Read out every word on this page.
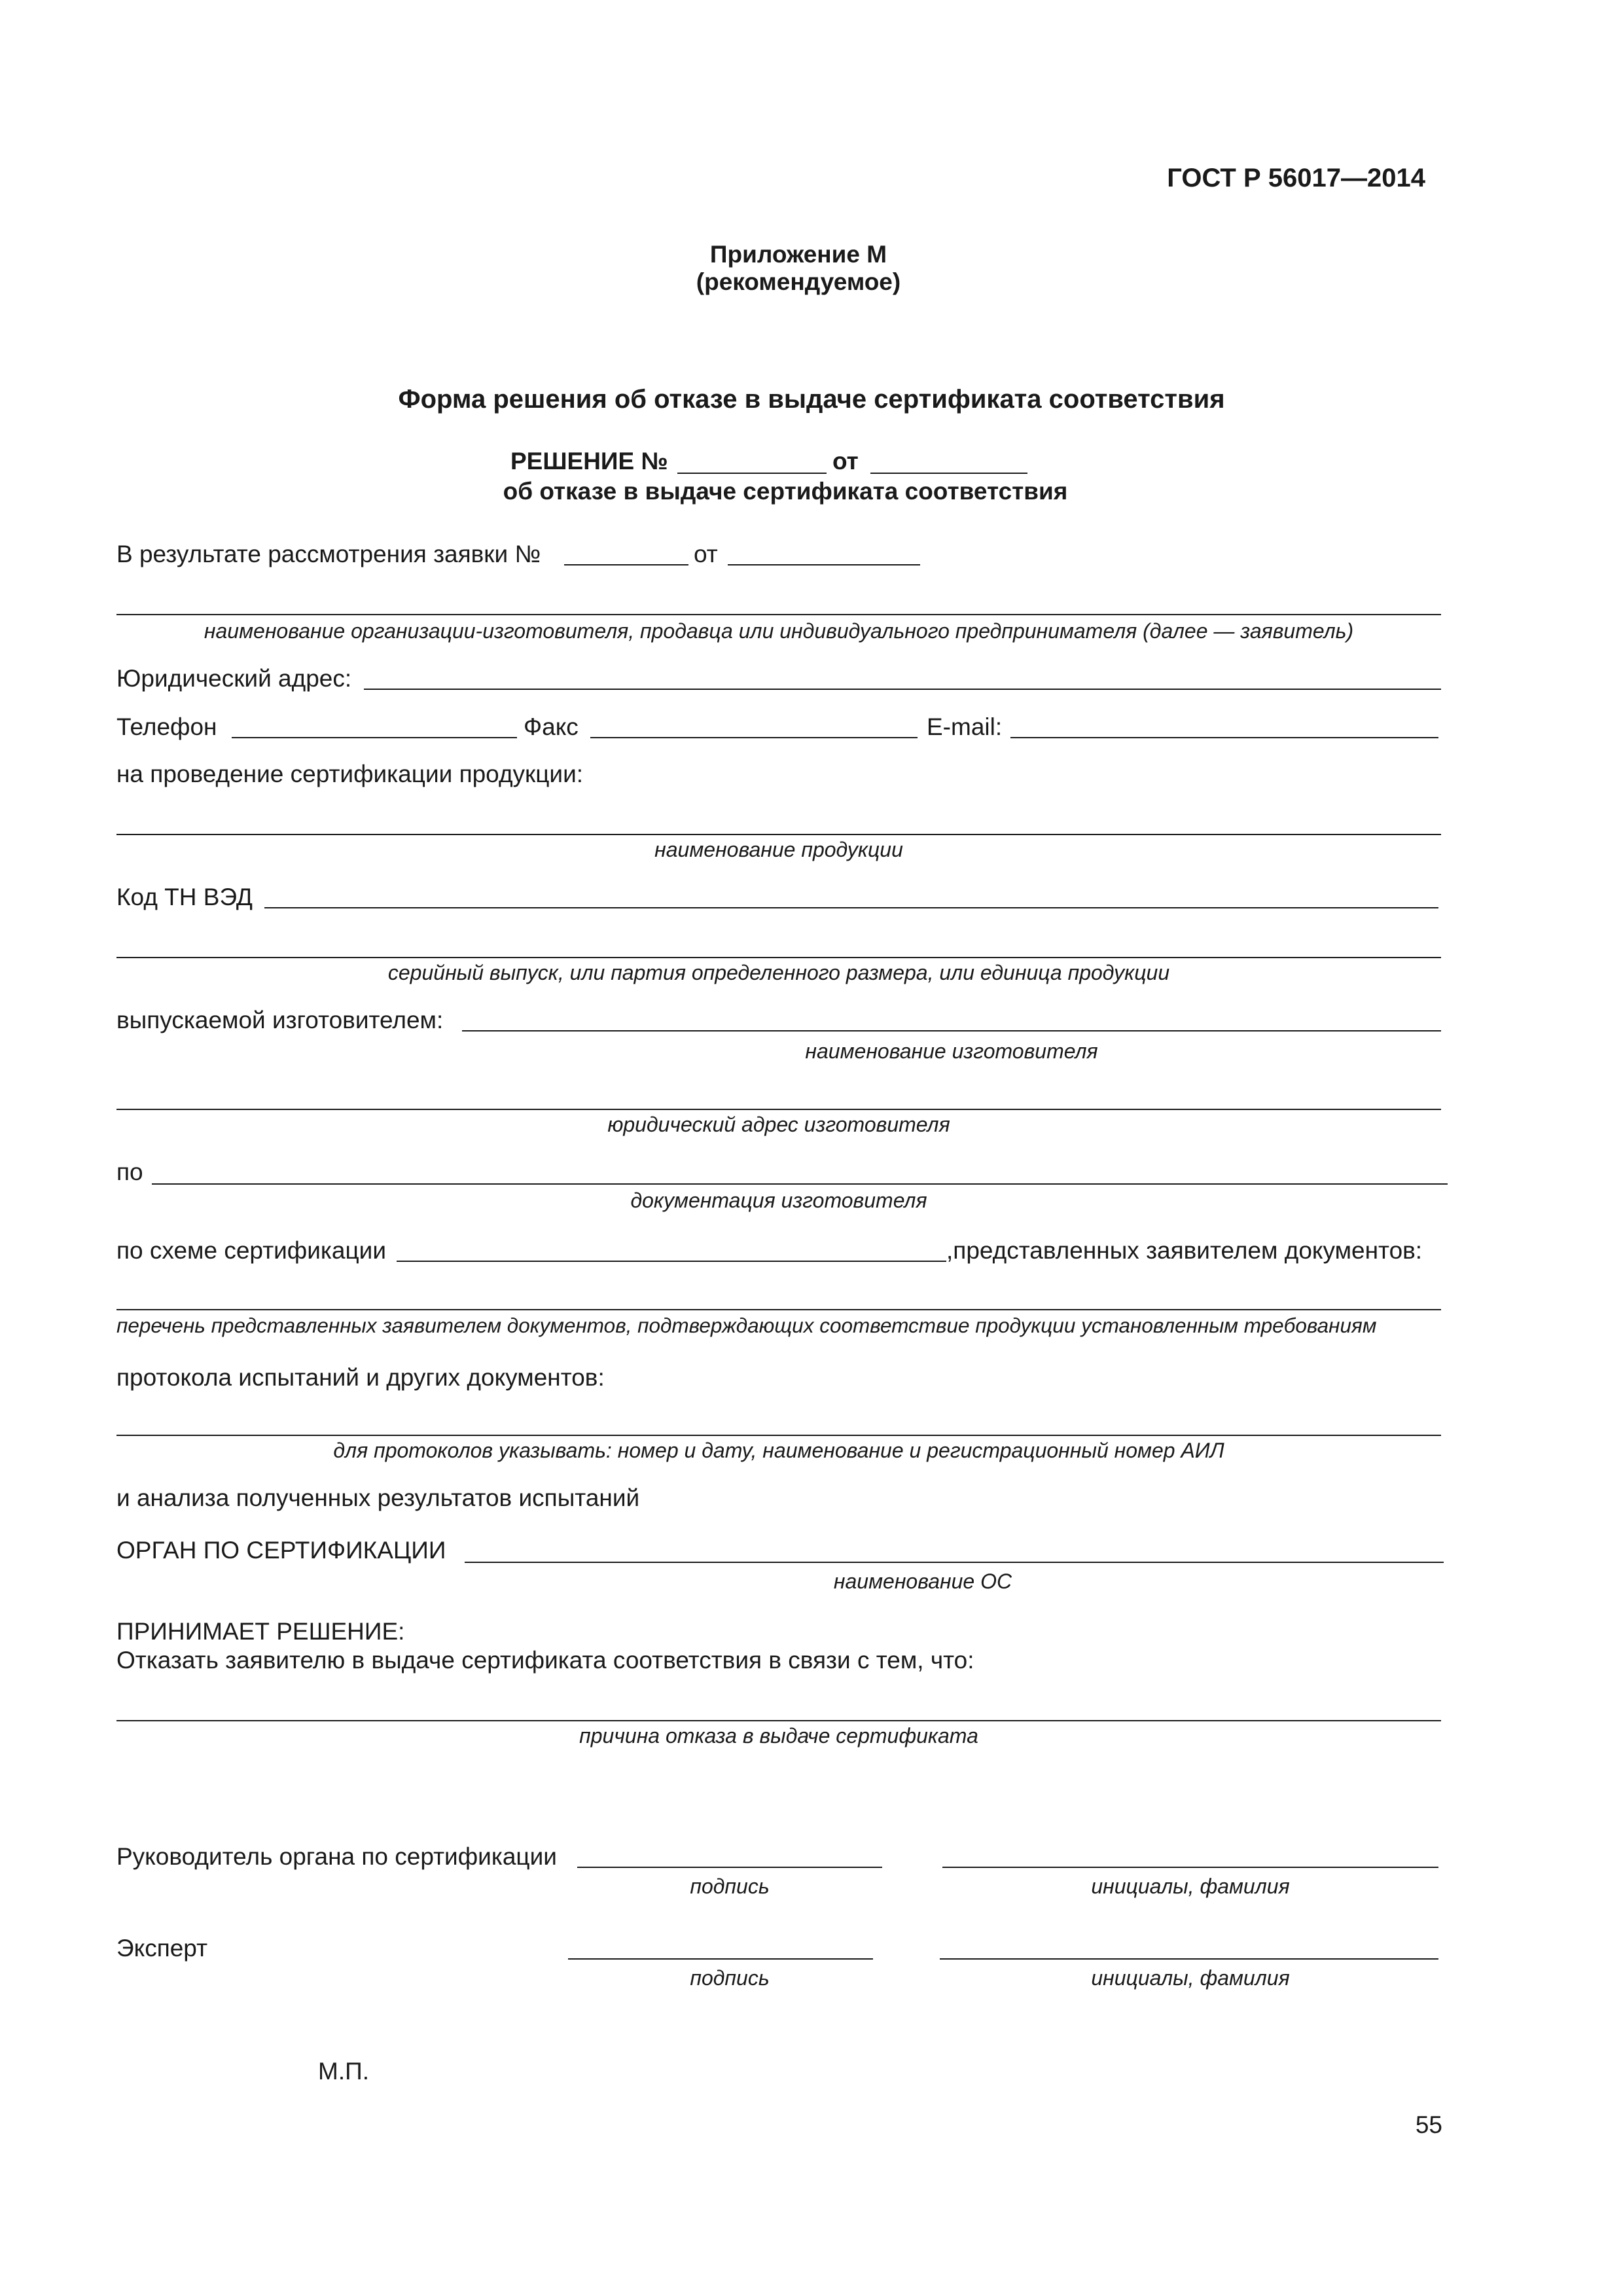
ГОСТ Р 56017—2014
Приложение М
(рекомендуемое)
Форма решения об отказе в выдаче сертификата соответствия
РЕШЕНИЕ №	от
об отказе в выдаче сертификата соответствия
В результате рассмотрения заявки №	от
наименование организации-изготовителя, продавца или индивидуального предпринимателя (далее — заявитель)
Юридический адрес:
Телефон	Факс	E-mail:
на проведение сертификации продукции:
наименование продукции
Код ТН ВЭД
серийный выпуск, или партия определенного размера, или единица продукции
выпускаемой изготовителем:
наименование изготовителя
юридический адрес изготовителя
по
документация изготовителя
по схеме сертификации	,представленных заявителем документов:
перечень представленных заявителем документов, подтверждающих соответствие продукции установленным требованиям
протокола испытаний и других документов:
для протоколов указывать: номер и дату, наименование и регистрационный номер АИЛ
и анализа полученных результатов испытаний
ОРГАН ПО СЕРТИФИКАЦИИ
наименование ОС
ПРИНИМАЕТ РЕШЕНИЕ:
Отказать заявителю в выдаче сертификата соответствия в связи с тем, что:
причина отказа в выдаче сертификата
Руководитель органа по сертификации
подпись	инициалы, фамилия
Эксперт
подпись	инициалы, фамилия
М.П.
55
